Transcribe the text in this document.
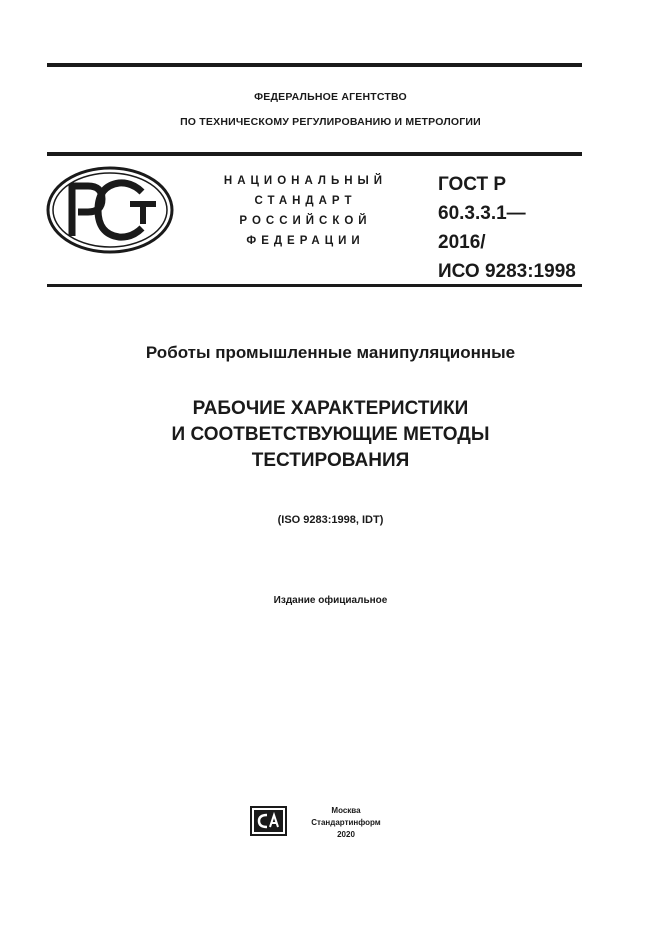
ФЕДЕРАЛЬНОЕ АГЕНТСТВО
ПО ТЕХНИЧЕСКОМУ РЕГУЛИРОВАНИЮ И МЕТРОЛОГИИ
НАЦИОНАЛЬНЫЙ
СТАНДАРТ
РОССИЙСКОЙ
ФЕДЕРАЦИИ
ГОСТ Р
60.3.3.1—
2016/
ИСО 9283:1998
Роботы промышленные манипуляционные
РАБОЧИЕ ХАРАКТЕРИСТИКИ
И СООТВЕТСТВУЮЩИЕ МЕТОДЫ
ТЕСТИРОВАНИЯ
(ISO 9283:1998, IDT)
Издание официальное
Москва
Стандартинформ
2020
